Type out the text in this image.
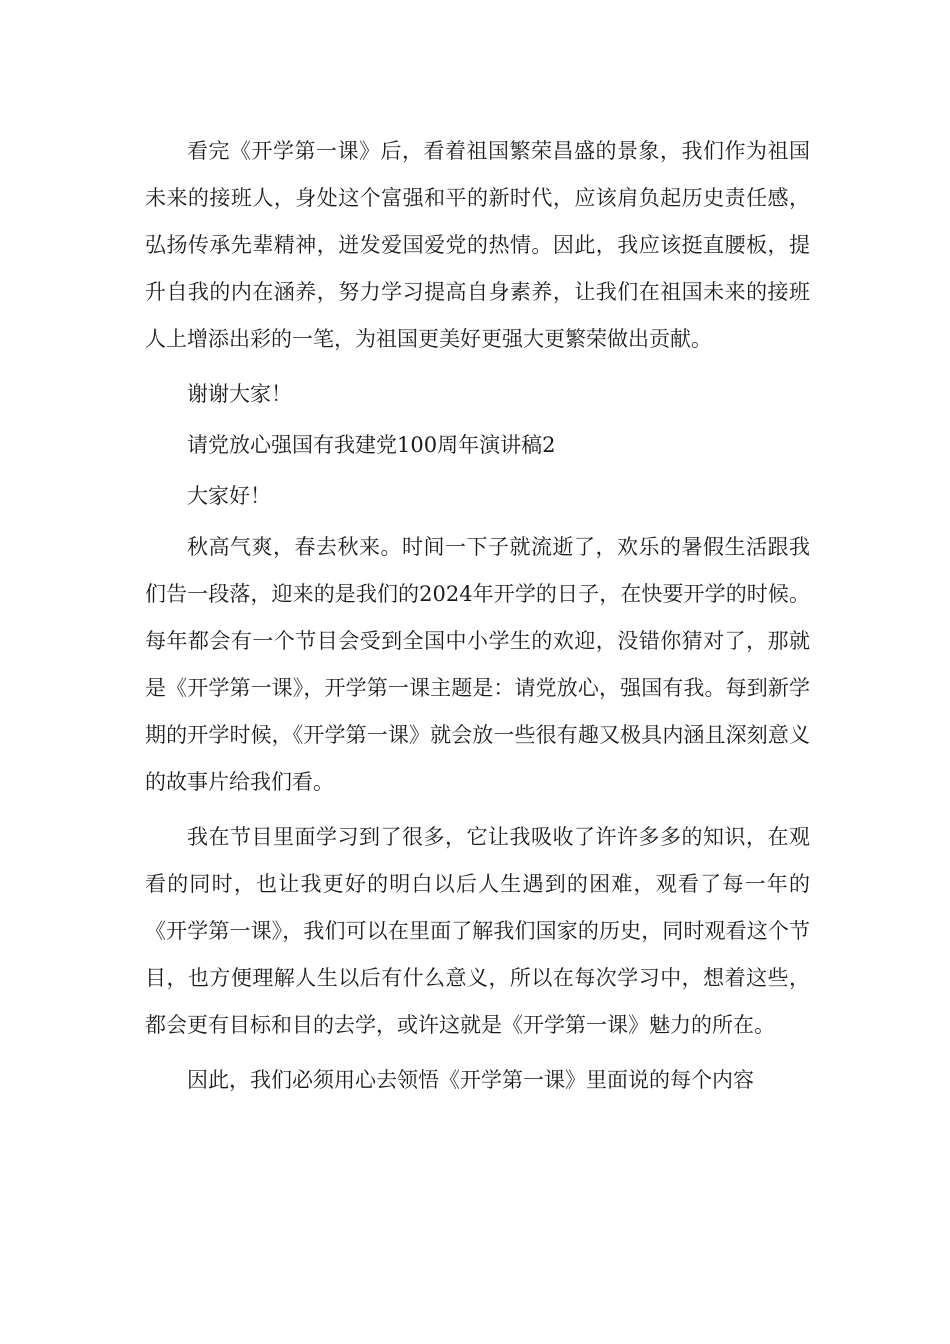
看完《开学第一课》后，看着祖国繁荣昌盛的景象，我们作为祖国未来的接班人，身处这个富强和平的新时代，应该肩负起历史责任感，弘扬传承先辈精神，迸发爱国爱党的热情。因此，我应该挺直腰板，提升自我的内在涵养，努力学习提高自身素养，让我们在祖国未来的接班人上增添出彩的一笔，为祖国更美好更强大更繁荣做出贡献。

谢谢大家！

请党放心强国有我建党100周年演讲稿2

大家好！

秋高气爽，春去秋来。时间一下子就流逝了，欢乐的暑假生活跟我们告一段落，迎来的是我们的2024年开学的日子，在快要开学的时候。每年都会有一个节目会受到全国中小学生的欢迎，没错你猜对了，那就是《开学第一课》，开学第一课主题是：请党放心，强国有我。每到新学期的开学时候，《开学第一课》就会放一些很有趣又极具内涵且深刻意义的故事片给我们看。

我在节目里面学习到了很多，它让我吸收了许许多多的知识，在观看的同时，也让我更好的明白以后人生遇到的困难，观看了每一年的《开学第一课》，我们可以在里面了解我们国家的历史，同时观看这个节目，也方便理解人生以后有什么意义，所以在每次学习中，想着这些，都会更有目标和目的去学，或许这就是《开学第一课》魅力的所在。

因此，我们必须用心去领悟《开学第一课》里面说的每个内容
